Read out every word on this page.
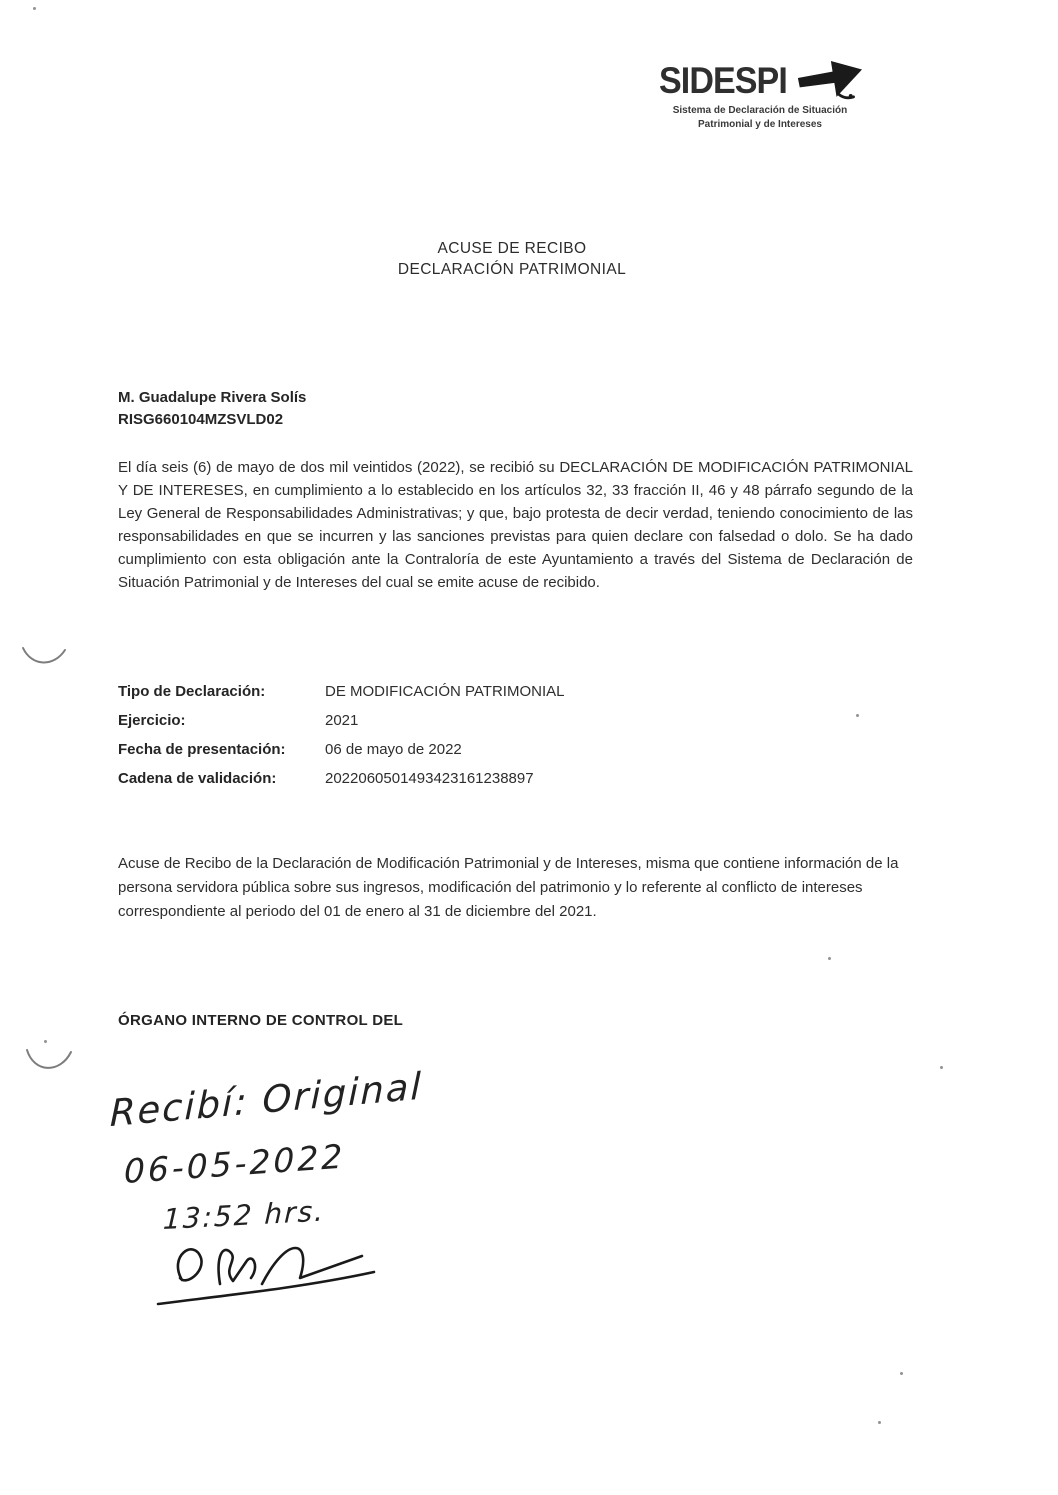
SIDESPI
Sistema de Declaración de Situación
Patrimonial y de Intereses
ACUSE DE RECIBO
DECLARACIÓN PATRIMONIAL
M. Guadalupe Rivera Solís
RISG660104MZSVLD02
El día seis (6) de mayo de dos mil veintidos (2022), se recibió su DECLARACIÓN DE MODIFICACIÓN PATRIMONIAL Y DE INTERESES, en cumplimiento a lo establecido en los artículos 32, 33 fracción II, 46 y 48 párrafo segundo de la Ley General de Responsabilidades Administrativas; y que, bajo protesta de decir verdad, teniendo conocimiento de las responsabilidades en que se incurren y las sanciones previstas para quien declare con falsedad o dolo. Se ha dado cumplimiento con esta obligación ante la Contraloría de este Ayuntamiento a través del Sistema de Declaración de Situación Patrimonial y de Intereses del cual se emite acuse de recibido.
Tipo de Declaración:	DE MODIFICACIÓN PATRIMONIAL
Ejercicio:	2021
Fecha de presentación:	06 de mayo de 2022
Cadena de validación:	2022060501493423161238897
Acuse de Recibo de la Declaración de Modificación Patrimonial y de Intereses, misma que contiene información de la persona servidora pública sobre sus ingresos, modificación del patrimonio y lo referente al conflicto de intereses correspondiente al periodo del 01 de enero al 31 de diciembre del 2021.
ÓRGANO INTERNO DE CONTROL DEL
Recibí: Original
06-05-2022
13:52 hrs.
